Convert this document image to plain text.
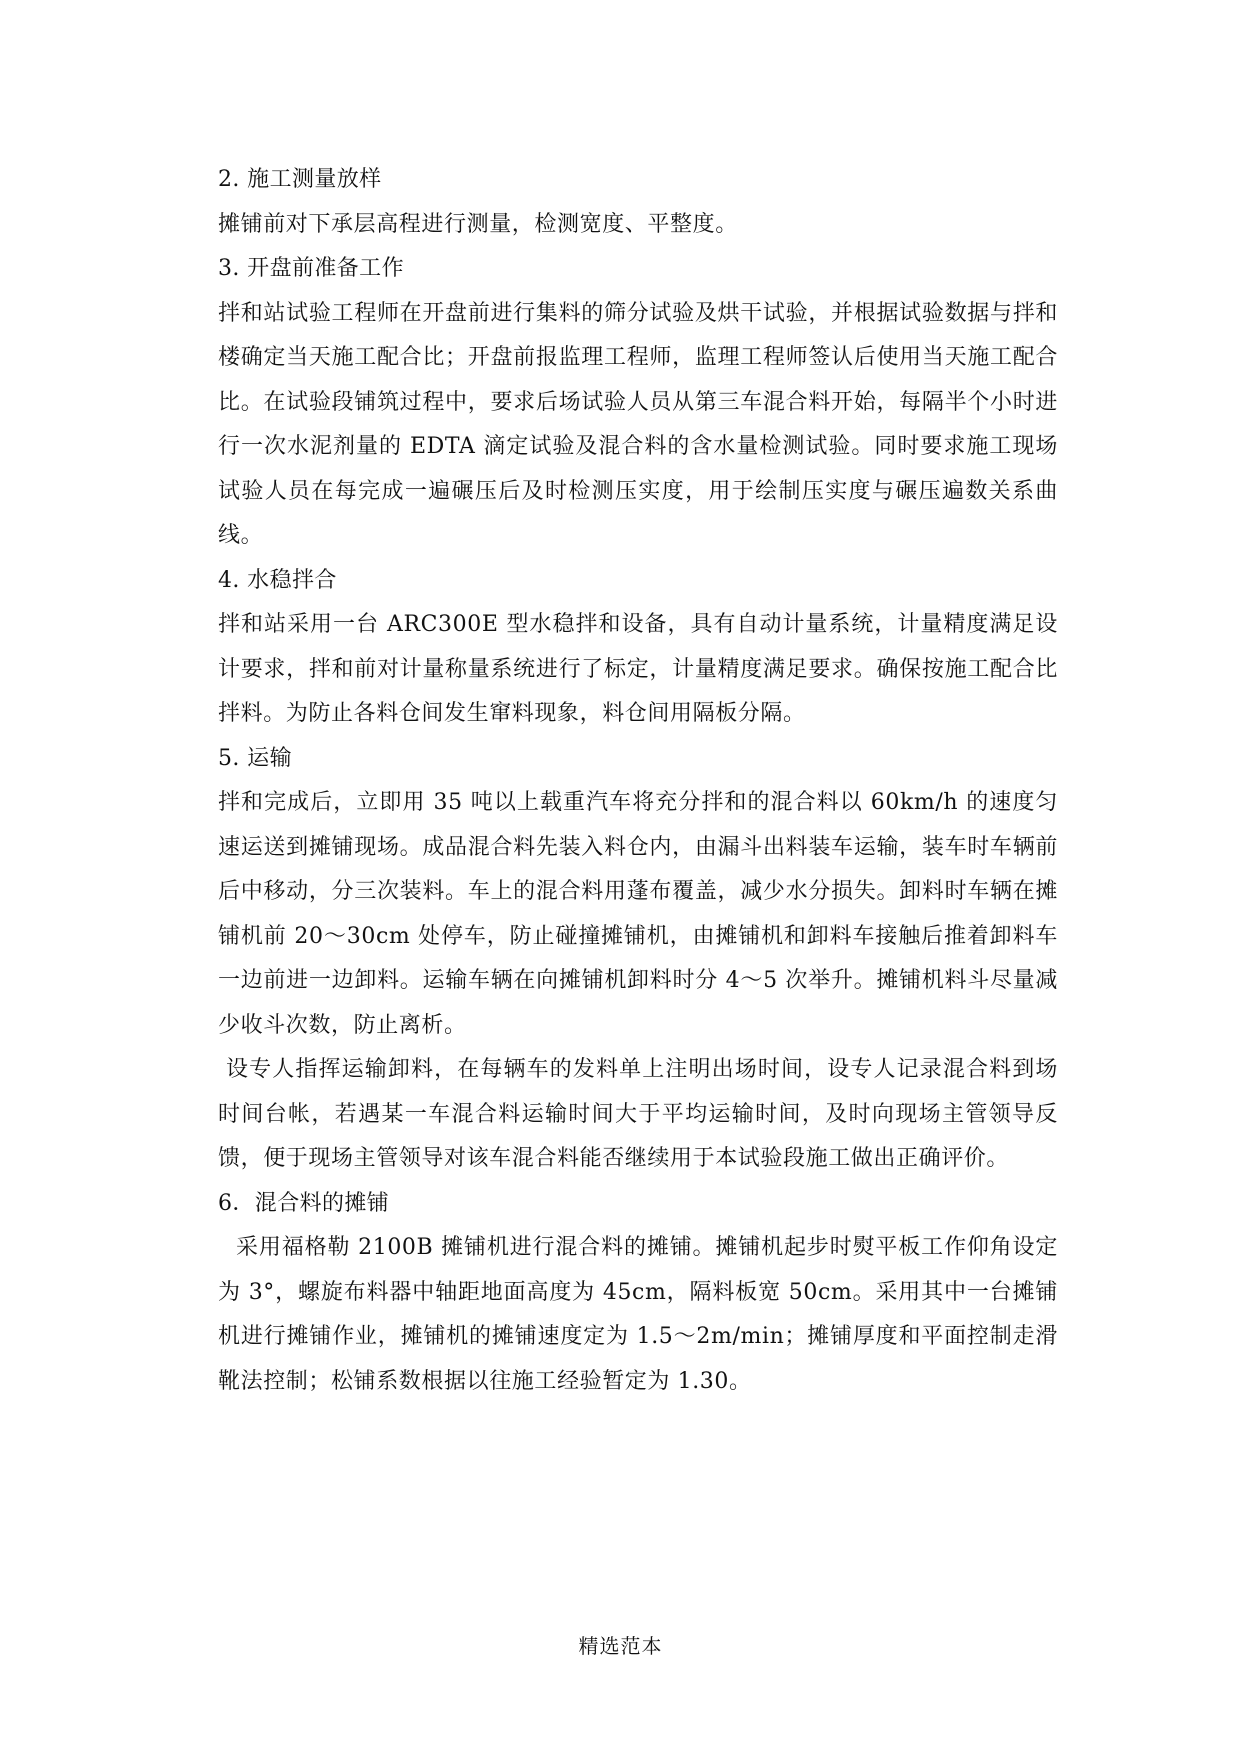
2. 施工测量放样

摊铺前对下承层高程进行测量，检测宽度、平整度。

3. 开盘前准备工作

拌和站试验工程师在开盘前进行集料的筛分试验及烘干试验，并根据试验数据与拌和楼确定当天施工配合比；开盘前报监理工程师，监理工程师签认后使用当天施工配合比。在试验段铺筑过程中，要求后场试验人员从第三车混合料开始，每隔半个小时进行一次水泥剂量的 EDTA 滴定试验及混合料的含水量检测试验。同时要求施工现场试验人员在每完成一遍碾压后及时检测压实度，用于绘制压实度与碾压遍数关系曲线。

4. 水稳拌合

拌和站采用一台 ARC300E 型水稳拌和设备，具有自动计量系统，计量精度满足设计要求，拌和前对计量称量系统进行了标定，计量精度满足要求。确保按施工配合比拌料。为防止各料仓间发生窜料现象，料仓间用隔板分隔。

5. 运输

拌和完成后，立即用 35 吨以上载重汽车将充分拌和的混合料以 60km/h 的速度匀速运送到摊铺现场。成品混合料先装入料仓内，由漏斗出料装车运输，装车时车辆前后中移动，分三次装料。车上的混合料用蓬布覆盖，减少水分损失。卸料时车辆在摊铺机前 20～30cm 处停车，防止碰撞摊铺机，由摊铺机和卸料车接触后推着卸料车一边前进一边卸料。运输车辆在向摊铺机卸料时分 4～5 次举升。摊铺机料斗尽量减少收斗次数，防止离析。

设专人指挥运输卸料，在每辆车的发料单上注明出场时间，设专人记录混合料到场时间台帐，若遇某一车混合料运输时间大于平均运输时间，及时向现场主管领导反馈，便于现场主管领导对该车混合料能否继续用于本试验段施工做出正确评价。

6．混合料的摊铺

采用福格勒 2100B 摊铺机进行混合料的摊铺。摊铺机起步时熨平板工作仰角设定为 3°，螺旋布料器中轴距地面高度为 45cm，隔料板宽 50cm。采用其中一台摊铺机进行摊铺作业，摊铺机的摊铺速度定为 1.5～2m/min；摊铺厚度和平面控制走滑靴法控制；松铺系数根据以往施工经验暂定为 1.30。

精选范本
